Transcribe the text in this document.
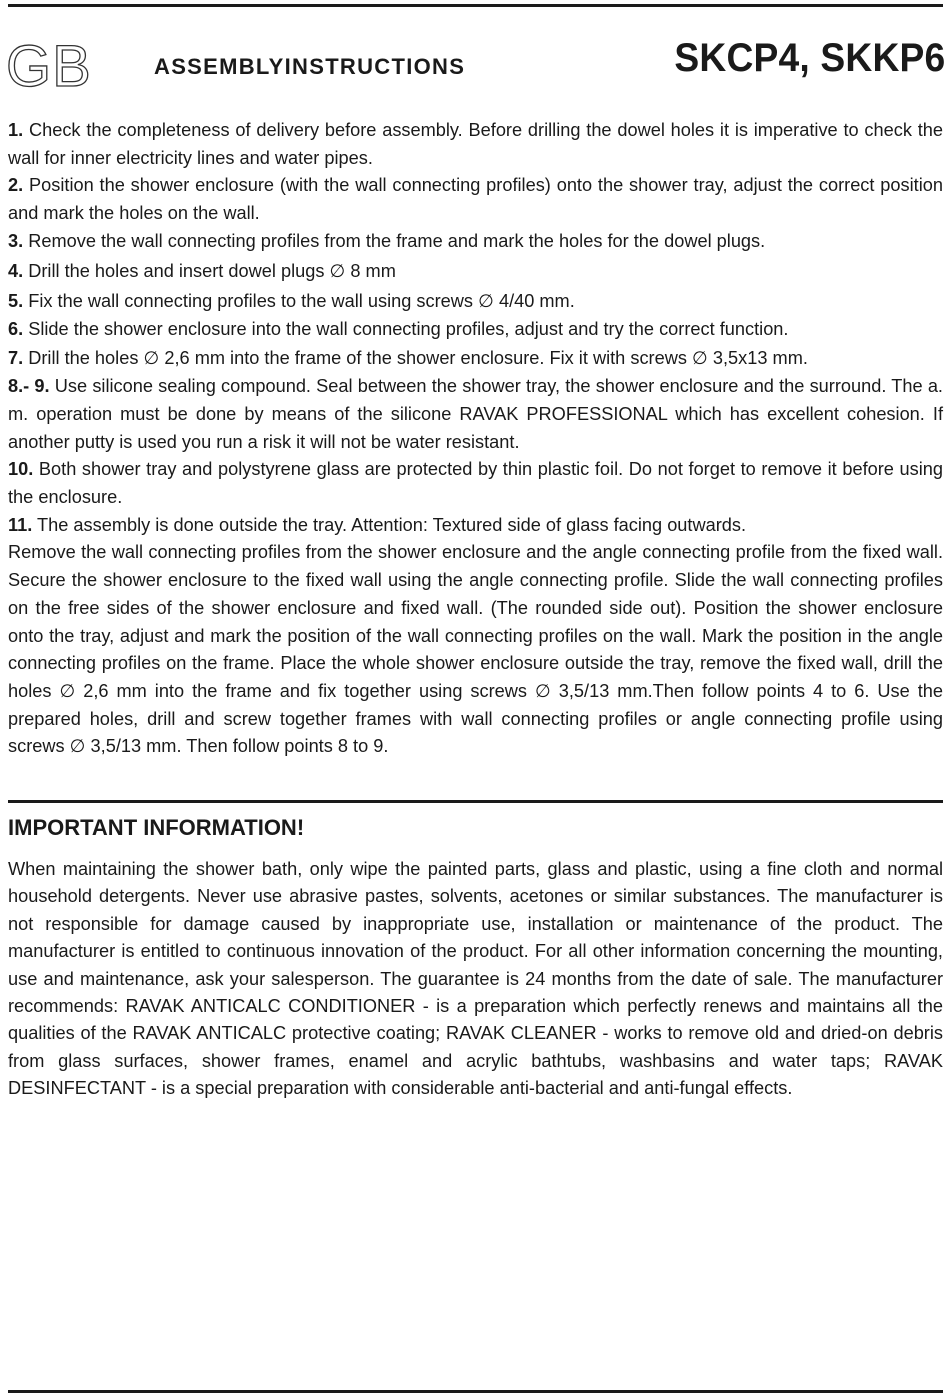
GB	ASSEMBLYINSTRUCTIONS	SKCP4, SKKP6

1. Check the completeness of delivery before assembly. Before drilling the dowel holes it is imperative to check the wall for inner electricity lines and water pipes.

2. Position the shower enclosure (with the wall connecting profiles) onto the shower tray, adjust the correct position and mark the holes on the wall.

3. Remove the wall connecting profiles from the frame and mark the holes for the dowel plugs.

4. Drill the holes and insert dowel plugs ∅ 8 mm

5. Fix the wall connecting profiles to the wall using screws ∅ 4/40 mm.

6. Slide the shower enclosure into the wall connecting profiles, adjust and try the correct function.

7. Drill the holes ∅ 2,6 mm into the frame of the shower enclosure. Fix it with screws ∅ 3,5x13 mm.

8.- 9. Use silicone sealing compound. Seal between the shower tray, the shower enclosure and the surround. The a. m. operation must be done by means of the silicone RAVAK PROFESSIONAL which has excellent cohesion. If another putty is used you run a risk it will not be water resistant.

10. Both shower tray and polystyrene glass are protected by thin plastic foil. Do not forget to remove it before using the enclosure.

11. The assembly is done outside the tray. Attention: Textured side of glass facing outwards.

Remove the wall connecting profiles from the shower enclosure and the angle connecting profile from the fixed wall. Secure the shower enclosure to the fixed wall using the angle connecting profile. Slide the wall connecting profiles on the free sides of the shower enclosure and fixed wall. (The rounded side out). Position the shower enclosure onto the tray, adjust and mark the position of the wall connecting profiles on the wall. Mark the position in the angle connecting profiles on the frame. Place the whole shower enclosure outside the tray, remove the fixed wall, drill the holes ∅ 2,6 mm into the frame and fix together using screws ∅ 3,5/13 mm.Then follow points 4 to 6. Use the prepared holes, drill and screw together frames with wall connecting profiles or angle connecting profile using screws ∅ 3,5/13 mm. Then follow points 8 to 9.

IMPORTANT INFORMATION!

When maintaining the shower bath, only wipe the painted parts, glass and plastic, using a fine cloth and normal household detergents. Never use abrasive pastes, solvents, acetones or similar substances. The manufacturer is not responsible for damage caused by inappropriate use, installation or maintenance of the product. The manufacturer is entitled to continuous innovation of the product. For all other information concerning the mounting, use and maintenance, ask your salesperson. The guarantee is 24 months from the date of sale. The manufacturer recommends: RAVAK ANTICALC CONDITIONER - is a preparation which perfectly renews and maintains all the qualities of the RAVAK ANTICALC protective coating; RAVAK CLEANER - works to remove old and dried-on debris from glass surfaces, shower frames, enamel and acrylic bathtubs, washbasins and water taps; RAVAK DESINFECTANT - is a special preparation with considerable anti-bacterial and anti-fungal effects.
